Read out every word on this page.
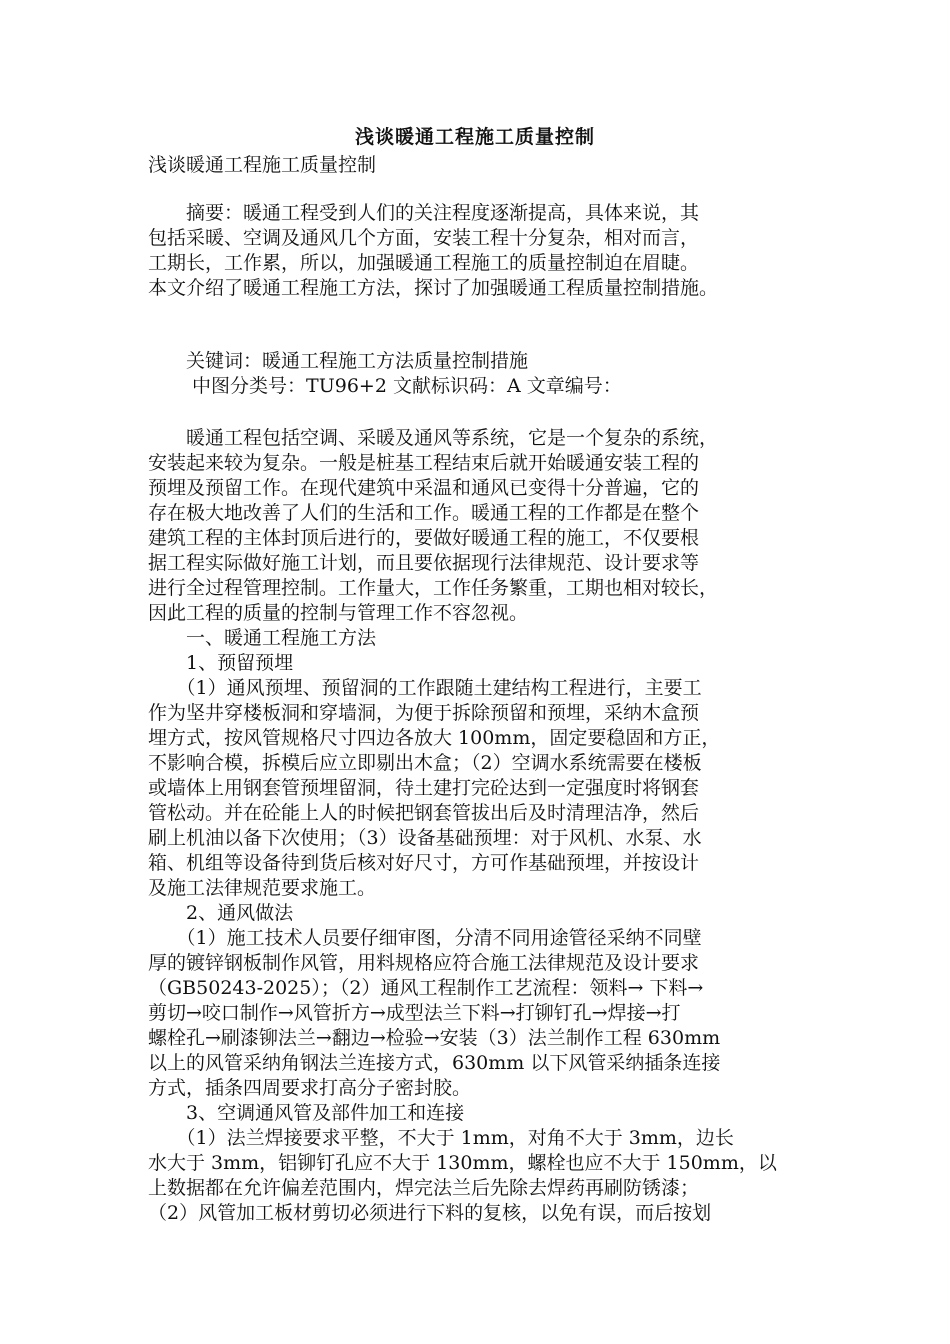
浅谈暖通工程施工质量控制
浅谈暖通工程施工质量控制
　　摘要：暖通工程受到人们的关注程度逐渐提高，具体来说，其
包括采暖、空调及通风几个方面，安装工程十分复杂，相对而言，
工期长，工作累，所以，加强暖通工程施工的质量控制迫在眉睫。
本文介绍了暖通工程施工方法，探讨了加强暖通工程质量控制措施。
　　关键词：暖通工程施工方法质量控制措施
　　 中图分类号：TU96+2 文献标识码：A 文章编号：
　　暖通工程包括空调、采暖及通风等系统，它是一个复杂的系统，
安装起来较为复杂。一般是桩基工程结束后就开始暖通安装工程的
预埋及预留工作。在现代建筑中采温和通风已变得十分普遍，它的
存在极大地改善了人们的生活和工作。暖通工程的工作都是在整个
建筑工程的主体封顶后进行的，要做好暖通工程的施工，不仅要根
据工程实际做好施工计划，而且要依据现行法律规范、设计要求等
进行全过程管理控制。工作量大，工作任务繁重，工期也相对较长，
因此工程的质量的控制与管理工作不容忽视。
　　一、暖通工程施工方法
　　1、预留预埋
　　（1）通风预埋、预留洞的工作跟随土建结构工程进行，主要工
作为坚井穿楼板洞和穿墙洞，为便于拆除预留和预埋，采纳木盒预
埋方式，按风管规格尺寸四边各放大 100mm，固定要稳固和方正，
不影响合模，拆模后应立即剔出木盒；（2）空调水系统需要在楼板
或墙体上用钢套管预埋留洞，待土建打完砼达到一定强度时将钢套
管松动。并在砼能上人的时候把钢套管拔出后及时清理洁净，然后
刷上机油以备下次使用；（3）设备基础预埋：对于风机、水泵、水
箱、机组等设备待到货后核对好尺寸，方可作基础预埋，并按设计
及施工法律规范要求施工。
　　2、通风做法
　　（1）施工技术人员要仔细审图，分清不同用途管径采纳不同壁
厚的镀锌钢板制作风管，用料规格应符合施工法律规范及设计要求
（GB50243-2025）；（2）通风工程制作工艺流程：领料→ 下料→
剪切→咬口制作→风管折方→成型法兰下料→打铆钉孔→焊接→打
螺栓孔→刷漆铆法兰→翻边→检验→安装（3）法兰制作工程 630mm
以上的风管采纳角钢法兰连接方式，630mm 以下风管采纳插条连接
方式，插条四周要求打高分子密封胶。
　　3、空调通风管及部件加工和连接
　　（1）法兰焊接要求平整，不大于 1mm，对角不大于 3mm，边长
水大于 3mm，铝铆钉孔应不大于 130mm，螺栓也应不大于 150mm，以
上数据都在允许偏差范围内，焊完法兰后先除去焊药再刷防锈漆；
（2）风管加工板材剪切必须进行下料的复核，以免有误，而后按划
